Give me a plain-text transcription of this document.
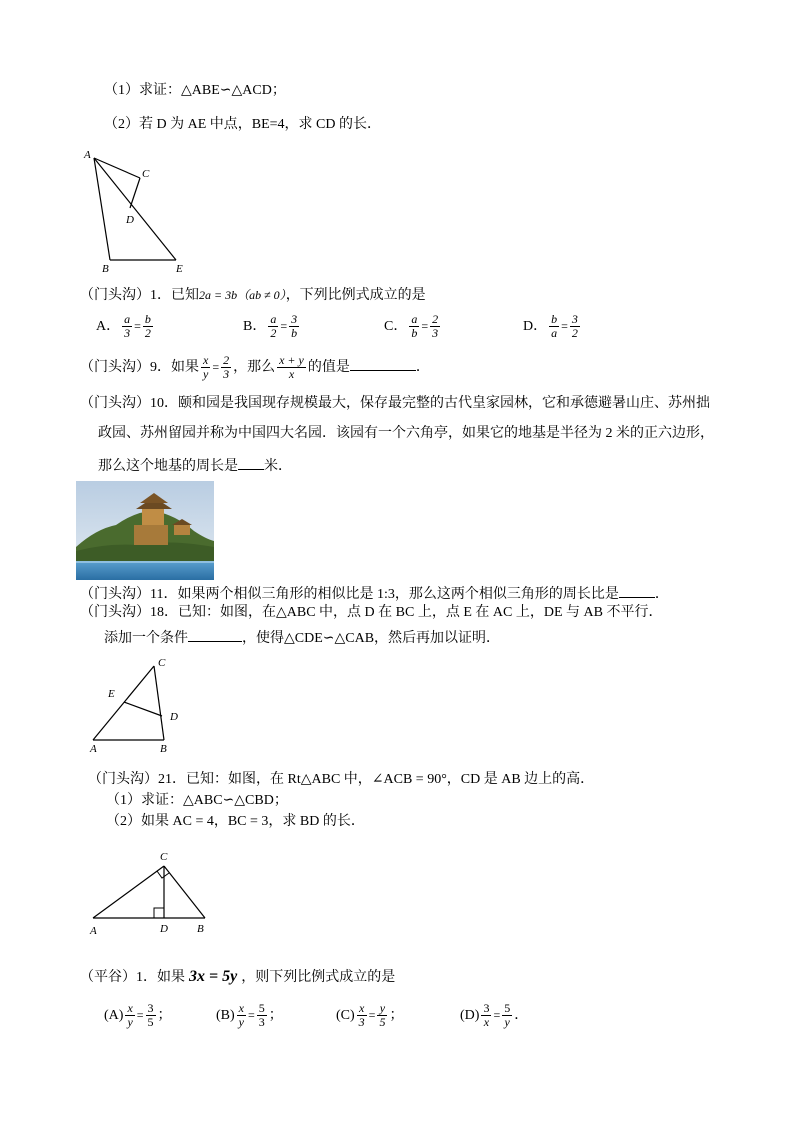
（1）求证：△ABE∽△ACD；
（2）若 D 为 AE 中点，BE=4，求 CD 的长．
A
C
D
B	E
（门头沟）1．已知2a = 3b（ab ≠ 0），下列比例式成立的是
A． $\frac{a}{3} = \frac{b}{2}$	B． $\frac{a}{2} = \frac{3}{b}$	C． $\frac{a}{b} = \frac{2}{3}$	D． $\frac{b}{a} = \frac{3}{2}$
（门头沟）9．如果 $\frac{x}{y} = \frac{2}{3}$ ，那么 $\frac{x + y}{x}$ 的值是	．
（门头沟）10．颐和园是我国现存规模最大，保存最完整的古代皇家园林，它和承德避暑山庄、苏州拙
政园、苏州留园并称为中国四大名园．该园有一个六角亭，如果它的地基是半径为 2 米的正六边形，
那么这个地基的周长是 米．
（门头沟）11．如果两个相似三角形的相似比是 1:3，那么这两个相似三角形的周长比是	．
（门头沟）18．已知：如图，在△ABC 中，点 D 在 BC 上，点 E 在 AC 上，DE 与 AB 不平行．
添加一个条件	，使得△CDE∽△CAB，然后再加以证明．
C
E
D
A	B
（门头沟）21．已知：如图，在 Rt△ABC 中，∠ACB = 90°，CD 是 AB 边上的高．
（1）求证：△ABC∽△CBD；
（2）如果 AC = 4，BC = 3，求 BD 的长．
C
A	D	B
（平谷）1．如果 3x = 5y ，则下列比例式成立的是
$(A) \frac{x}{y} = \frac{3}{5}$ ；	$(B) \frac{x}{y} = \frac{5}{3}$ ；	$(C) \frac{x}{3} = \frac{y}{5}$ ；	$(D) \frac{3}{x} = \frac{5}{y}$ ．
